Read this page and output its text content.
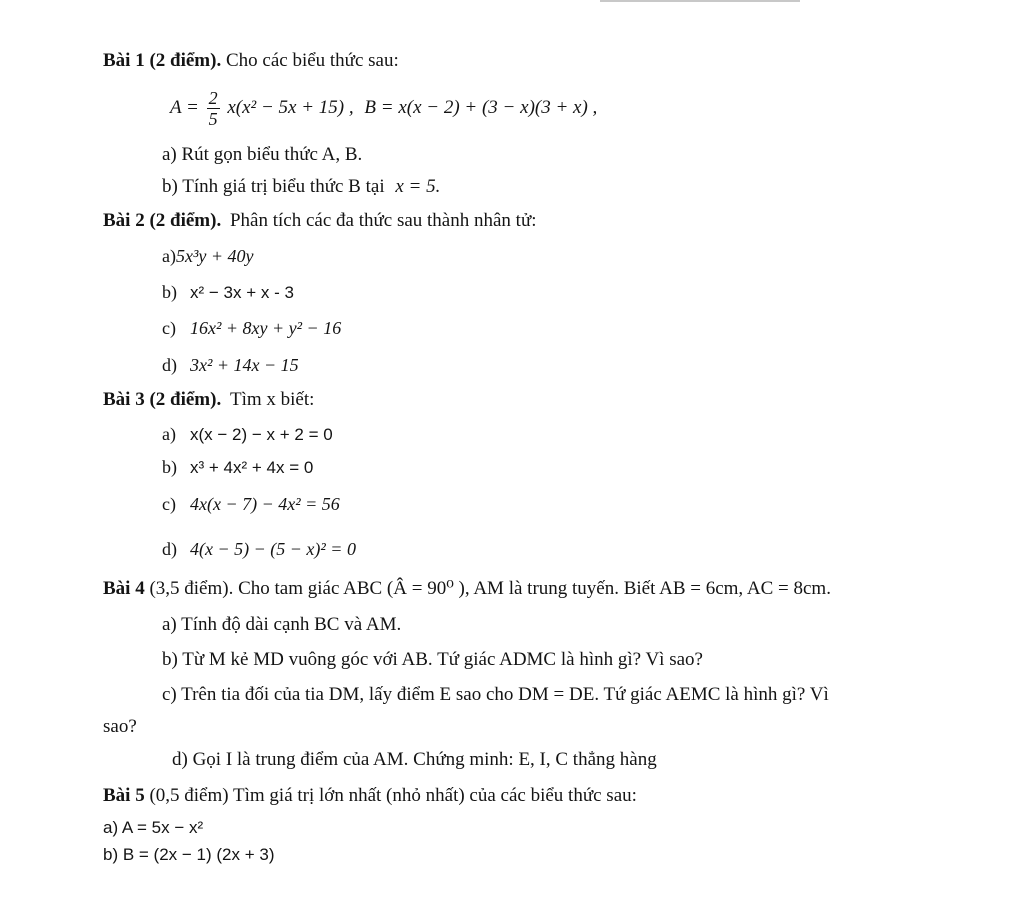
Bài 1 (2 điểm). Cho các biểu thức sau:
$A = \frac{2}{5} x(x^2 - 5x + 15)$ , B = x(x − 2) + (3 − x)(3 + x) ,
a) Rút gọn biểu thức A, B.
b) Tính giá trị biểu thức B tại x = 5.
Bài 2 (2 điểm). Phân tích các đa thức sau thành nhân tử:
a)5x³y + 40y
b) x² − 3x + x - 3
c) 16x² + 8xy + y² − 16
d) 3x² + 14x − 15
Bài 3 (2 điểm). Tìm x biết:
a) x(x − 2) − x + 2 = 0
b) x³ + 4x² + 4x = 0
c) 4x(x − 7) − 4x² = 56
d) 4(x − 5) − (5 − x)² = 0
Bài 4 (3,5 điểm). Cho tam giác ABC (Â = 90⁰ ), AM là trung tuyến. Biết AB = 6cm, AC = 8cm.
a) Tính độ dài cạnh BC và AM.
b) Từ M kẻ MD vuông góc với AB. Tứ giác ADMC là hình gì? Vì sao?
c) Trên tia đối của tia DM, lấy điểm E sao cho DM = DE. Tứ giác AEMC là hình gì? Vì
sao?
d) Gọi I là trung điểm của AM. Chứng minh: E, I, C thẳng hàng
Bài 5 (0,5 điểm) Tìm giá trị lớn nhất (nhỏ nhất) của các biểu thức sau:
a) A = 5x − x²
b) B = (2x − 1) (2x + 3)
